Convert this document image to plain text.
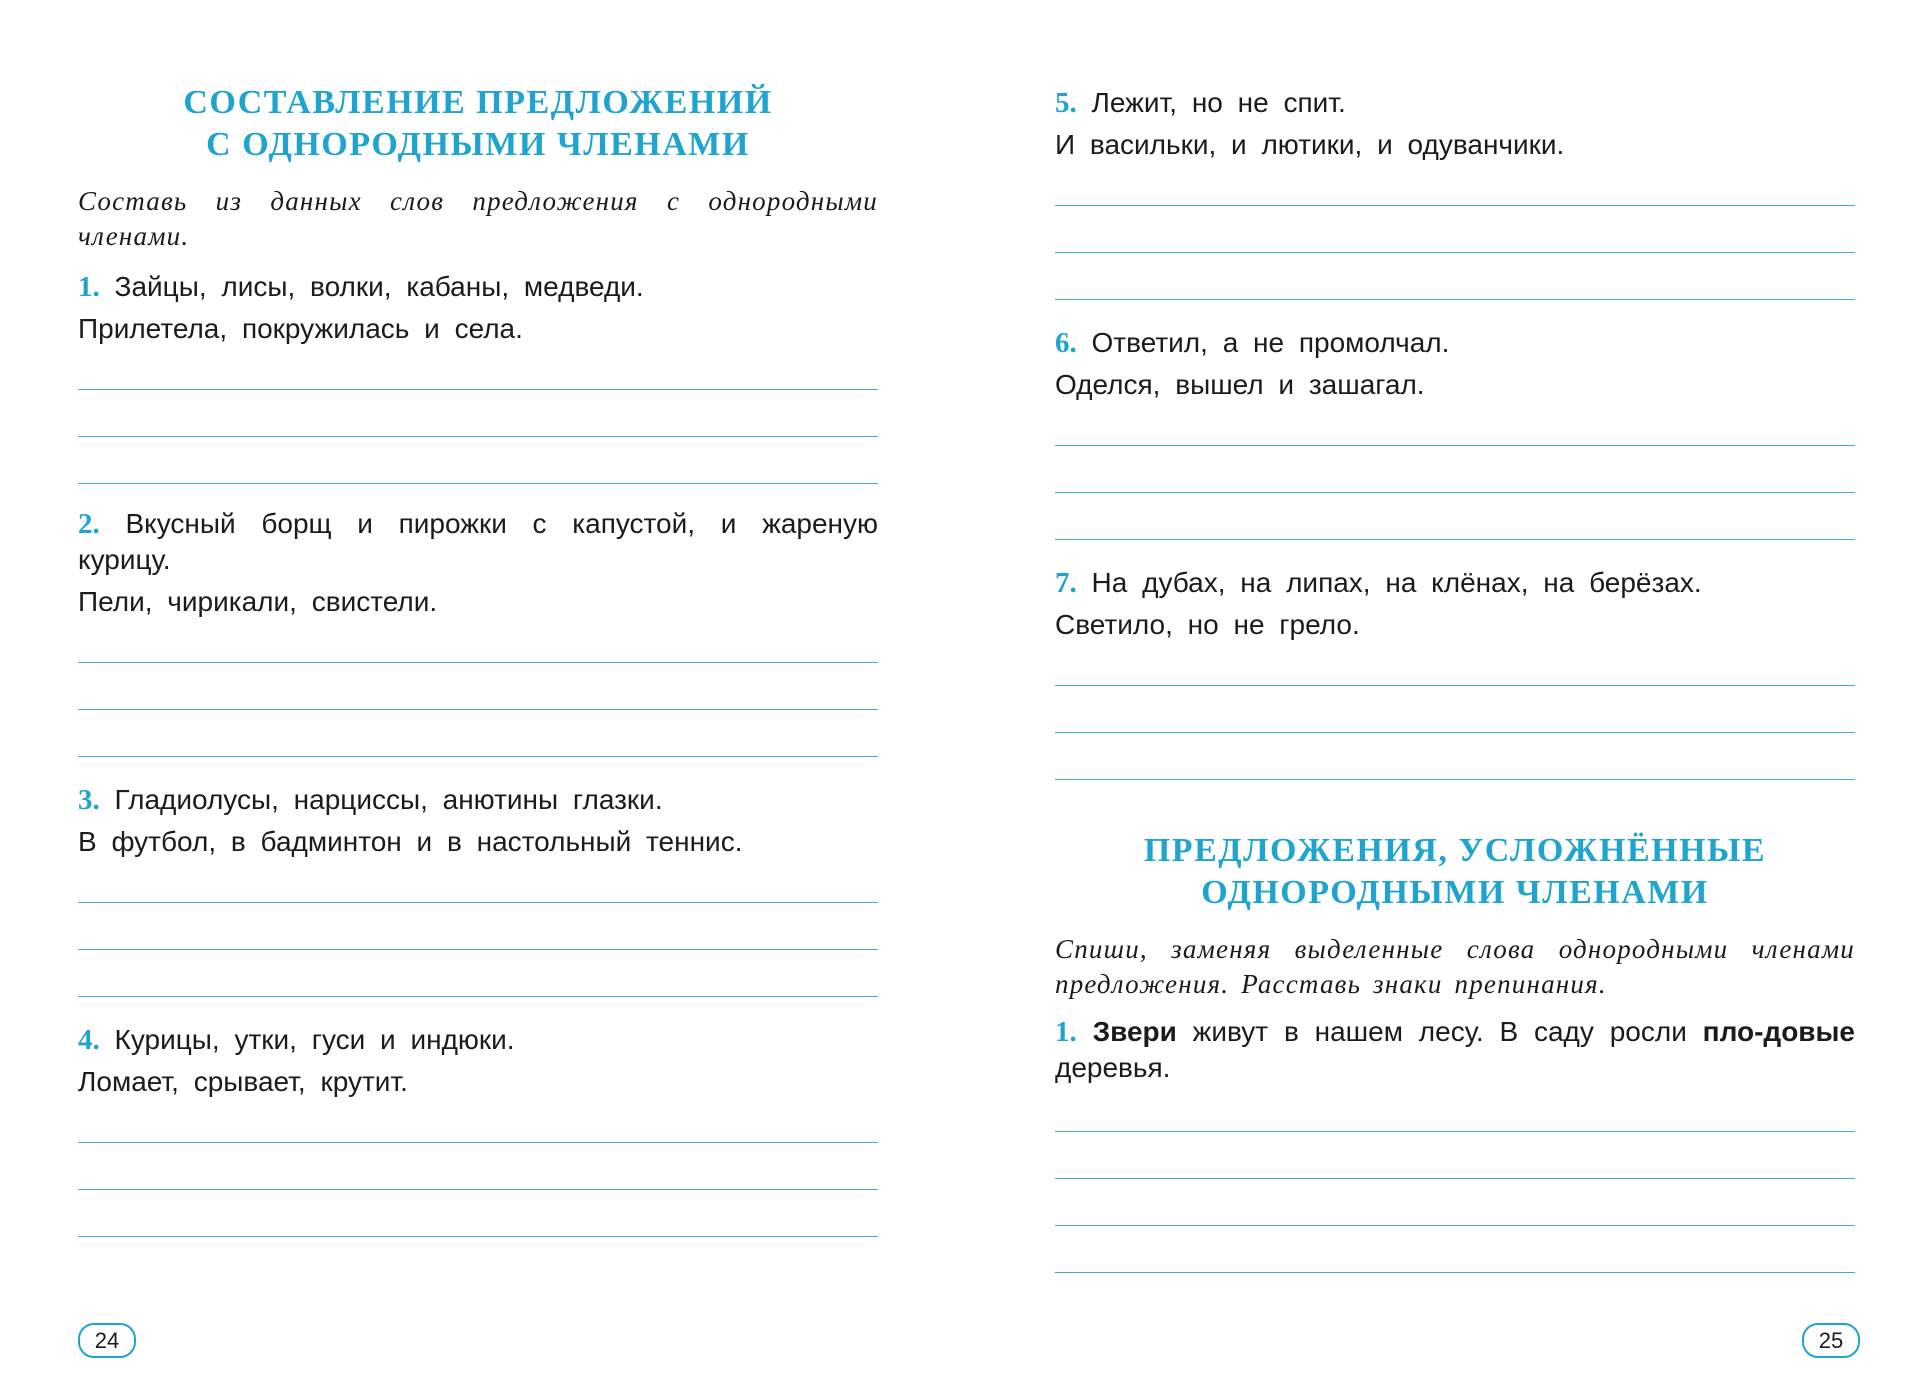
СОСТАВЛЕНИЕ ПРЕДЛОЖЕНИЙ
С ОДНОРОДНЫМИ ЧЛЕНАМИ

Составь из данных слов предложения с однородными членами.

1. Зайцы, лисы, волки, кабаны, медведи.

Прилетела, покружилась и села.

2. Вкусный борщ и пирожки с капустой, и жареную курицу.

Пели, чирикали, свистели.

3. Гладиолусы, нарциссы, анютины глазки.

В футбол, в бадминтон и в настольный теннис.

4. Курицы, утки, гуси и индюки.

Ломает, срывает, крутит.

24

5. Лежит, но не спит.

И васильки, и лютики, и одуванчики.

6. Ответил, а не промолчал.

Оделся, вышел и зашагал.

7. На дубах, на липах, на клёнах, на берёзах.

Светило, но не грело.

ПРЕДЛОЖЕНИЯ, УСЛОЖНЁННЫЕ
ОДНОРОДНЫМИ ЧЛЕНАМИ

Спиши, заменяя выделенные слова однородными членами предложения. Расставь знаки препинания.

1. Звери живут в нашем лесу. В саду росли пло-довые деревья.

25
